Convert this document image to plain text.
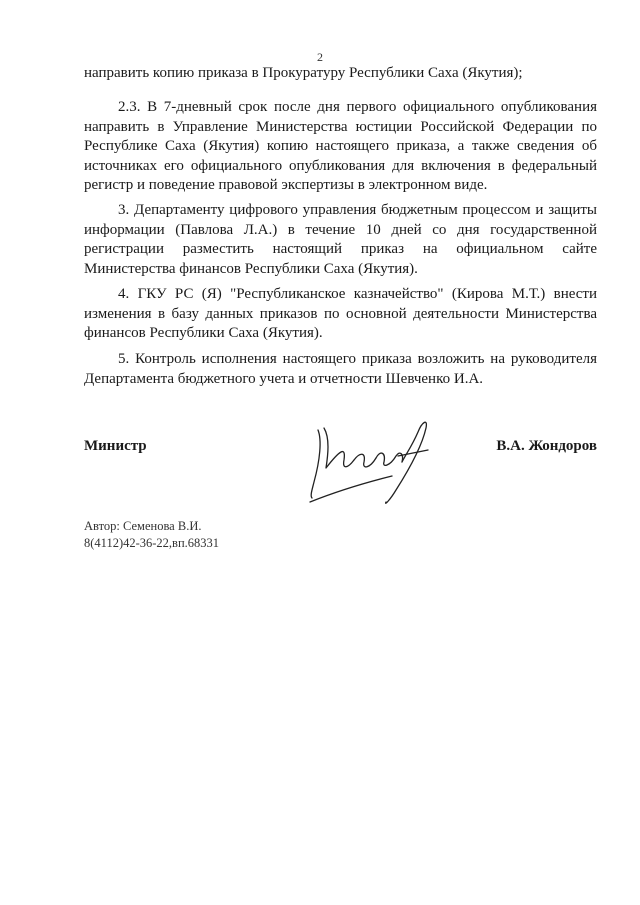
2

направить копию приказа в Прокуратуру Республики Саха (Якутия);

2.3. В 7-дневный срок после дня первого официального опубликования направить в Управление Министерства юстиции Российской Федерации по Республике Саха (Якутия) копию настоящего приказа, а также сведения об источниках его официального опубликования для включения в федеральный регистр и поведение правовой экспертизы в электронном виде.

3. Департаменту цифрового управления бюджетным процессом и защиты информации (Павлова Л.А.) в течение 10 дней со дня государственной регистрации разместить настоящий приказ на официальном сайте Министерства финансов Республики Саха (Якутия).

4. ГКУ РС (Я) "Республиканское казначейство" (Кирова М.Т.) внести изменения в базу данных приказов по основной деятельности Министерства финансов Республики Саха (Якутия).

5. Контроль исполнения настоящего приказа возложить на руководителя Департамента бюджетного учета и отчетности Шевченко И.А.

Министр	В.А. Жондоров
Автор: Семенова В.И.
8(4112)42-36-22,вп.68331
